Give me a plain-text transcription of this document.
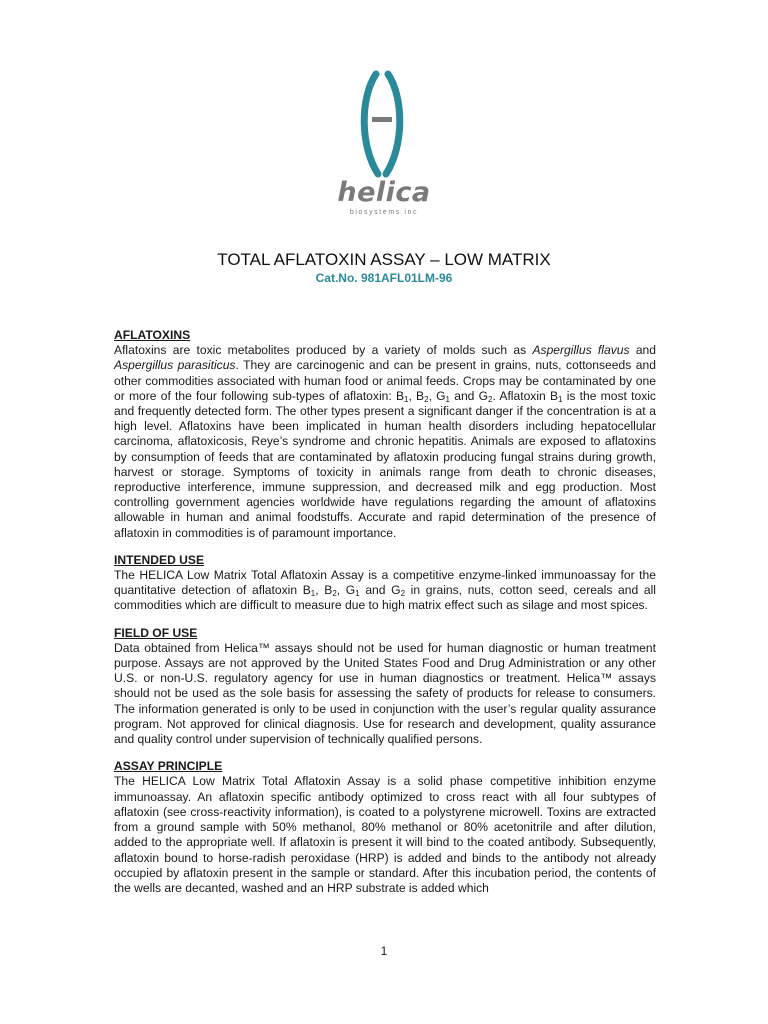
helica
biosystems inc
TOTAL AFLATOXIN ASSAY – LOW MATRIX
Cat.No. 981AFL01LM-96
AFLATOXINS

Aflatoxins are toxic metabolites produced by a variety of molds such as Aspergillus flavus and Aspergillus parasiticus. They are carcinogenic and can be present in grains, nuts, cottonseeds and other commodities associated with human food or animal feeds. Crops may be contaminated by one or more of the four following sub-types of aflatoxin: $B_1$, $B_2$, $G_1$ and $G_2$. Aflatoxin $B_1$ is the most toxic and frequently detected form. The other types present a significant danger if the concentration is at a high level. Aflatoxins have been implicated in human health disorders including hepatocellular carcinoma, aflatoxicosis, Reye’s syndrome and chronic hepatitis. Animals are exposed to aflatoxins by consumption of feeds that are contaminated by aflatoxin producing fungal strains during growth, harvest or storage. Symptoms of toxicity in animals range from death to chronic diseases, reproductive interference, immune suppression, and decreased milk and egg production. Most controlling government agencies worldwide have regulations regarding the amount of aflatoxins allowable in human and animal foodstuffs. Accurate and rapid determination of the presence of aflatoxin in commodities is of paramount importance.

INTENDED USE

The HELICA Low Matrix Total Aflatoxin Assay is a competitive enzyme-linked immunoassay for the quantitative detection of aflatoxin $B_1$, $B_2$, $G_1$ and $G_2$ in grains, nuts, cotton seed, cereals and all commodities which are difficult to measure due to high matrix effect such as silage and most spices.

FIELD OF USE

Data obtained from Helica™ assays should not be used for human diagnostic or human treatment purpose. Assays are not approved by the United States Food and Drug Administration or any other U.S. or non-U.S. regulatory agency for use in human diagnostics or treatment. Helica™ assays should not be used as the sole basis for assessing the safety of products for release to consumers. The information generated is only to be used in conjunction with the user’s regular quality assurance program. Not approved for clinical diagnosis. Use for research and development, quality assurance and quality control under supervision of technically qualified persons.

ASSAY PRINCIPLE

The HELICA Low Matrix Total Aflatoxin Assay is a solid phase competitive inhibition enzyme immunoassay. An aflatoxin specific antibody optimized to cross react with all four subtypes of aflatoxin (see cross-reactivity information), is coated to a polystyrene microwell. Toxins are extracted from a ground sample with 50% methanol, 80% methanol or 80% acetonitrile and after dilution, added to the appropriate well. If aflatoxin is present it will bind to the coated antibody. Subsequently, aflatoxin bound to horse-radish peroxidase (HRP) is added and binds to the antibody not already occupied by aflatoxin present in the sample or standard. After this incubation period, the contents of the wells are decanted, washed and an HRP substrate is added which

1
